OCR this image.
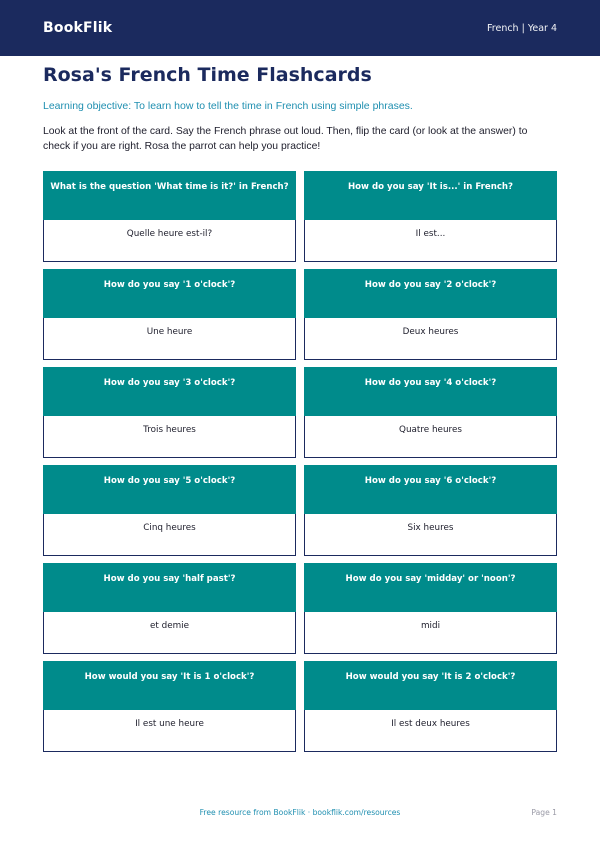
BookFlik	French | Year 4
Rosa's French Time Flashcards

Learning objective: To learn how to tell the time in French using simple phrases.

Look at the front of the card. Say the French phrase out loud. Then, flip the card (or look at the answer) to check if you are right. Rosa the parrot can help you practice!

What is the question 'What time is it?' in French?
Quelle heure est-il?
How do you say 'It is...' in French?
Il est...
How do you say '1 o'clock'?
Une heure
How do you say '2 o'clock'?
Deux heures
How do you say '3 o'clock'?
Trois heures
How do you say '4 o'clock'?
Quatre heures
How do you say '5 o'clock'?
Cinq heures
How do you say '6 o'clock'?
Six heures
How do you say 'half past'?
et demie
How do you say 'midday' or 'noon'?
midi
How would you say 'It is 1 o'clock'?
Il est une heure
How would you say 'It is 2 o'clock'?
Il est deux heures
Free resource from BookFlik · bookflik.com/resources	Page 1
